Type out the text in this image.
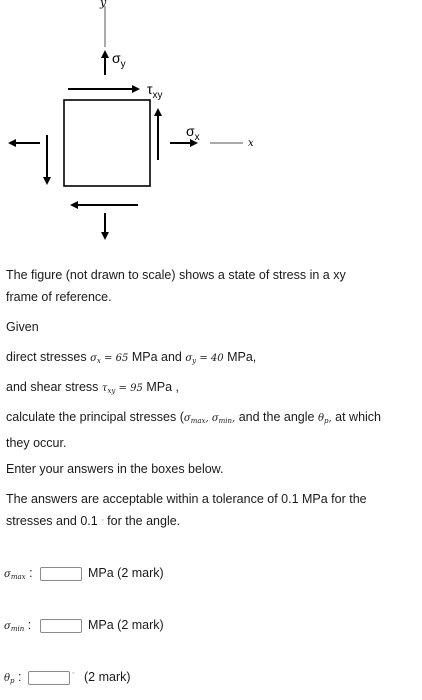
y
x
$\sigma_y$
$\tau_{xy}$
$\sigma_x$
The figure (not drawn to scale) shows a state of stress in a xy
frame of reference.
Given
direct stresses $\sigma_x = 65$ MPa and $\sigma_y = 40$ MPa,
and shear stress $\tau_{xy} = 95$ MPa ,
calculate the principal stresses ($\sigma_{max}$, $\sigma_{min}$, and the angle $\theta_p$, at which
they occur.
Enter your answers in the boxes below.
The answers are acceptable within a tolerance of 0.1 MPa for the
stresses and 0.1 ◦ for the angle.
$\sigma_{max}$ :	MPa (2 mark)
$\sigma_{min}$ :	MPa (2 mark)
$\theta_p$ :	◦ (2 mark)
